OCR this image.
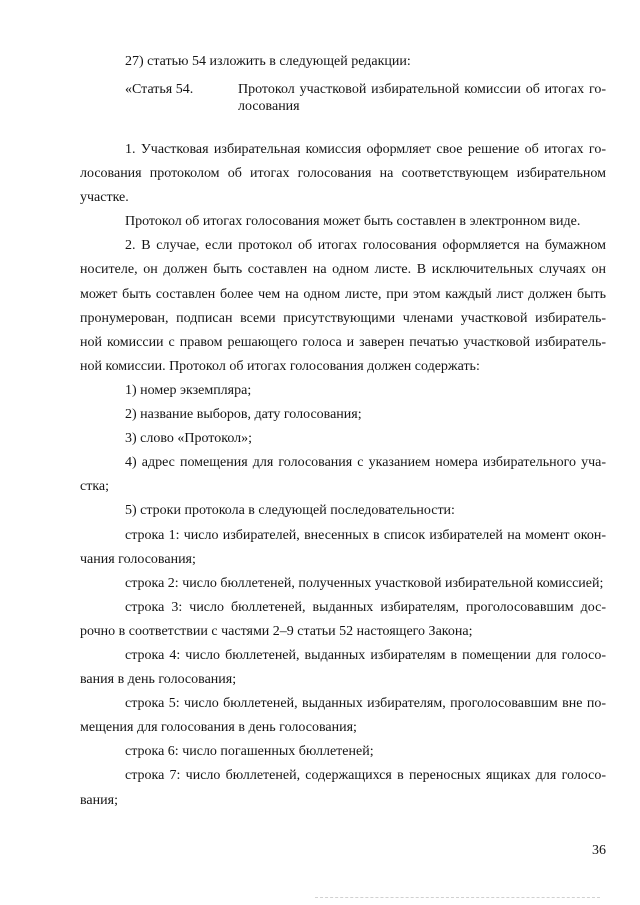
27) статью 54 изложить в следующей редакции:
«Статья 54.	Протокол участковой избирательной комиссии об итогах го-
лосования
1. Участковая избирательная комиссия оформляет свое решение об итогах го-
лосования протоколом об итогах голосования на соответствующем избирательном
участке.
Протокол об итогах голосования может быть составлен в электронном виде.
2. В случае, если протокол об итогах голосования оформляется на бумажном
носителе, он должен быть составлен на одном листе. В исключительных случаях он
может быть составлен более чем на одном листе, при этом каждый лист должен быть
пронумерован, подписан всеми присутствующими членами участковой избиратель-
ной комиссии с правом решающего голоса и заверен печатью участковой избиратель-
ной комиссии. Протокол об итогах голосования должен содержать:
1) номер экземпляра;
2) название выборов, дату голосования;
3) слово «Протокол»;
4) адрес помещения для голосования с указанием номера избирательного уча-
стка;
5) строки протокола в следующей последовательности:
строка 1: число избирателей, внесенных в список избирателей на момент окон-
чания голосования;
строка 2: число бюллетеней, полученных участковой избирательной комиссией;
строка 3: число бюллетеней, выданных избирателям, проголосовавшим дос-
рочно в соответствии с частями 2–9 статьи 52 настоящего Закона;
строка 4: число бюллетеней, выданных избирателям в помещении для голосо-
вания в день голосования;
строка 5: число бюллетеней, выданных избирателям, проголосовавшим вне по-
мещения для голосования в день голосования;
строка 6: число погашенных бюллетеней;
строка 7: число бюллетеней, содержащихся в переносных ящиках для голосо-
вания;
36
